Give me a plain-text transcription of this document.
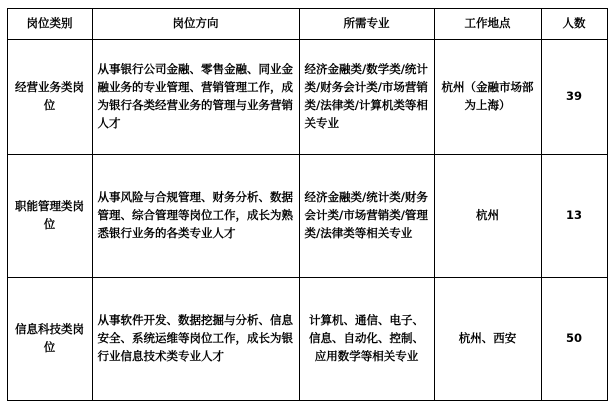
岗位类别	岗位方向	所需专业	工作地点	人数
经营业务类岗位	从事银行公司金融、零售金融、同业金融业务的专业管理、营销管理工作，成为银行各类经营业务的管理与业务营销人才	经济金融类/数学类/统计类/财务会计类/市场营销类/法律类/计算机类等相关专业	杭州（金融市场部为上海）	39
职能管理类岗位	从事风险与合规管理、财务分析、数据管理、综合管理等岗位工作，成长为熟悉银行业务的各类专业人才	经济金融类/统计类/财务会计类/市场营销类/管理类/法律类等相关专业	杭州	13
信息科技类岗位	从事软件开发、数据挖掘与分析、信息安全、系统运维等岗位工作，成长为银行业信息技术类专业人才	计算机、通信、电子、信息、自动化、控制、应用数学等相关专业	杭州、西安	50
